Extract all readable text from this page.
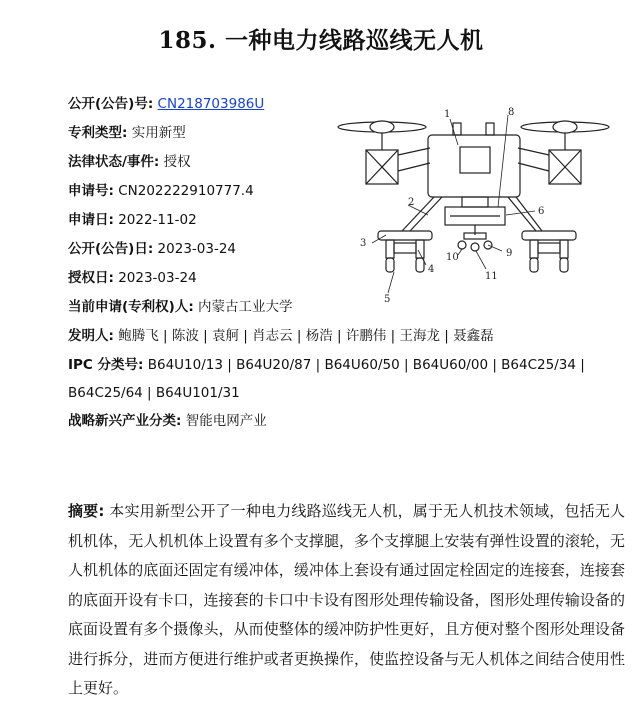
185. 一种电力线路巡线无人机
公开(公告)号: CN218703986U
专利类型: 实用新型
法律状态/事件: 授权
申请号: CN202222910777.4
申请日: 2022-11-02
公开(公告)日: 2023-03-24
授权日: 2023-03-24
当前申请(专利权)人: 内蒙古工业大学
发明人: 鲍腾飞 | 陈波 | 袁舸 | 肖志云 | 杨浩 | 许鹏伟 | 王海龙 | 聂鑫磊
IPC 分类号: B64U10/13 | B64U20/87 | B64U60/50 | B64U60/00 | B64C25/34 | B64C25/64 | B64U101/31
战略新兴产业分类: 智能电网产业
1
2
3
4
5
6
8
9
10
11
摘要: 本实用新型公开了一种电力线路巡线无人机，属于无人机技术领域，包括无人机机体，无人机机体上设置有多个支撑腿，多个支撑腿上安装有弹性设置的滚轮，无人机机体的底面还固定有缓冲体，缓冲体上套设有通过固定栓固定的连接套，连接套的底面开设有卡口，连接套的卡口中卡设有图形处理传输设备，图形处理传输设备的底面设置有多个摄像头，从而使整体的缓冲防护性更好，且方便对整个图形处理设备进行拆分，进而方便进行维护或者更换操作，使监控设备与无人机体之间结合使用性上更好。
